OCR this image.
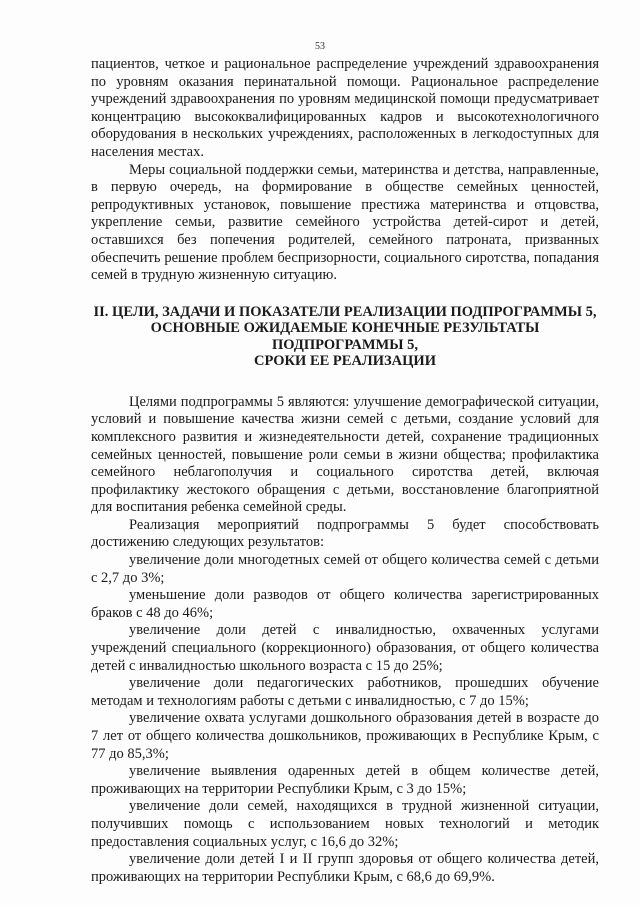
53

пациентов, четкое и рациональное распределение учреждений здравоохранения по уровням оказания перинатальной помощи. Рациональное распределение учреждений здравоохранения по уровням медицинской помощи предусматривает концентрацию высококвалифицированных кадров и высокотехнологичного оборудования в нескольких учреждениях, расположенных в легкодоступных для населения местах.

Меры социальной поддержки семьи, материнства и детства, направленные, в первую очередь, на формирование в обществе семейных ценностей, репродуктивных установок, повышение престижа материнства и отцовства, укрепление семьи, развитие семейного устройства детей-сирот и детей, оставшихся без попечения родителей, семейного патроната, призванных обеспечить решение проблем беспризорности, социального сиротства, попадания семей в трудную жизненную ситуацию.

II. ЦЕЛИ, ЗАДАЧИ И ПОКАЗАТЕЛИ РЕАЛИЗАЦИИ ПОДПРОГРАММЫ 5,
ОСНОВНЫЕ ОЖИДАЕМЫЕ КОНЕЧНЫЕ РЕЗУЛЬТАТЫ ПОДПРОГРАММЫ 5,
СРОКИ ЕЕ РЕАЛИЗАЦИИ

Целями подпрограммы 5 являются: улучшение демографической ситуации, условий и повышение качества жизни семей с детьми, создание условий для комплексного развития и жизнедеятельности детей, сохранение традиционных семейных ценностей, повышение роли семьи в жизни общества; профилактика семейного неблагополучия и социального сиротства детей, включая профилактику жестокого обращения с детьми, восстановление благоприятной для воспитания ребенка семейной среды.

Реализация мероприятий подпрограммы 5 будет способствовать достижению следующих результатов:

увеличение доли многодетных семей от общего количества семей с детьми с 2,7 до 3%;
уменьшение доли разводов от общего количества зарегистрированных браков с 48 до 46%;
увеличение доли детей с инвалидностью, охваченных услугами учреждений специального (коррекционного) образования, от общего количества детей с инвалидностью школьного возраста с 15 до 25%;
увеличение доли педагогических работников, прошедших обучение методам и технологиям работы с детьми с инвалидностью, с 7 до 15%;
увеличение охвата услугами дошкольного образования детей в возрасте до 7 лет от общего количества дошкольников, проживающих в Республике Крым, с 77 до 85,3%;
увеличение выявления одаренных детей в общем количестве детей, проживающих на территории Республики Крым, с 3 до 15%;
увеличение доли семей, находящихся в трудной жизненной ситуации, получивших помощь с использованием новых технологий и методик предоставления социальных услуг, с 16,6 до 32%;
увеличение доли детей I и II групп здоровья от общего количества детей, проживающих на территории Республики Крым, с 68,6 до 69,9%.
